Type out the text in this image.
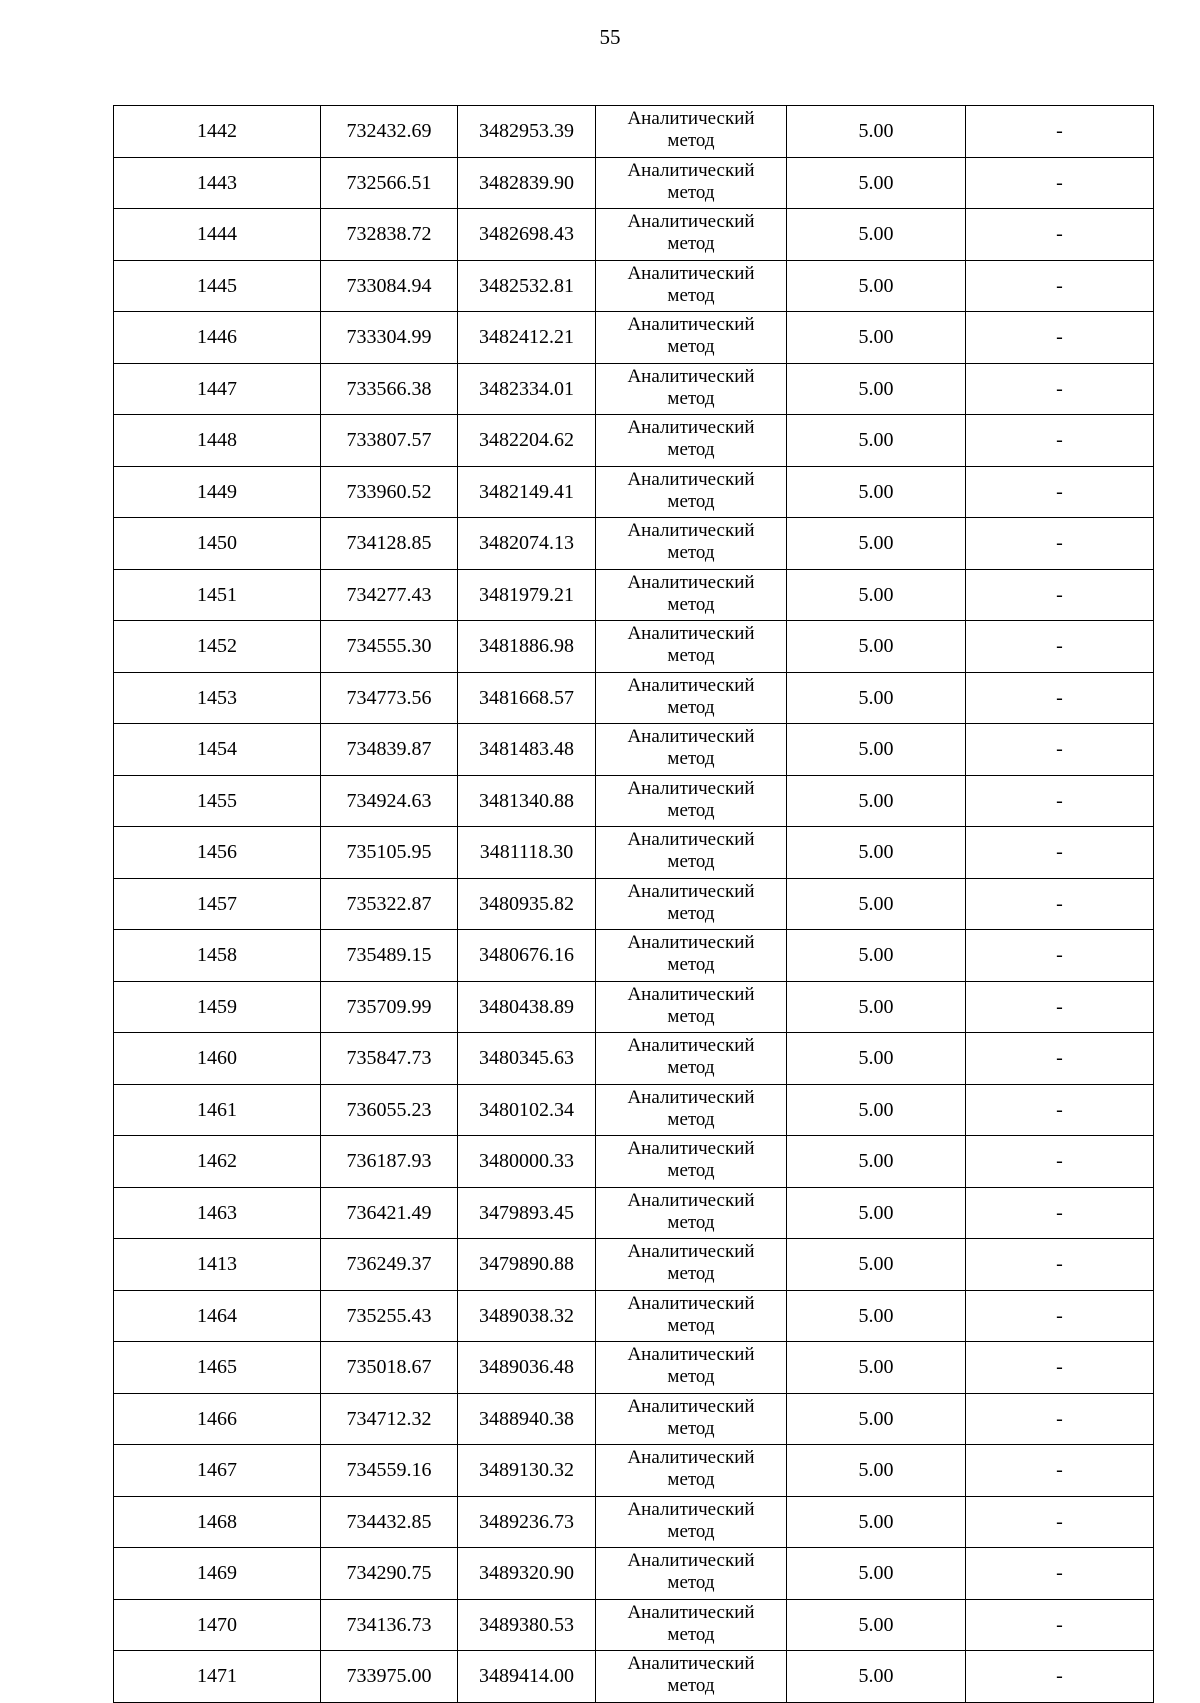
55
1442	732432.69	3482953.39	Аналитический
метод	5.00	-
1443	732566.51	3482839.90	Аналитический
метод	5.00	-
1444	732838.72	3482698.43	Аналитический
метод	5.00	-
1445	733084.94	3482532.81	Аналитический
метод	5.00	-
1446	733304.99	3482412.21	Аналитический
метод	5.00	-
1447	733566.38	3482334.01	Аналитический
метод	5.00	-
1448	733807.57	3482204.62	Аналитический
метод	5.00	-
1449	733960.52	3482149.41	Аналитический
метод	5.00	-
1450	734128.85	3482074.13	Аналитический
метод	5.00	-
1451	734277.43	3481979.21	Аналитический
метод	5.00	-
1452	734555.30	3481886.98	Аналитический
метод	5.00	-
1453	734773.56	3481668.57	Аналитический
метод	5.00	-
1454	734839.87	3481483.48	Аналитический
метод	5.00	-
1455	734924.63	3481340.88	Аналитический
метод	5.00	-
1456	735105.95	3481118.30	Аналитический
метод	5.00	-
1457	735322.87	3480935.82	Аналитический
метод	5.00	-
1458	735489.15	3480676.16	Аналитический
метод	5.00	-
1459	735709.99	3480438.89	Аналитический
метод	5.00	-
1460	735847.73	3480345.63	Аналитический
метод	5.00	-
1461	736055.23	3480102.34	Аналитический
метод	5.00	-
1462	736187.93	3480000.33	Аналитический
метод	5.00	-
1463	736421.49	3479893.45	Аналитический
метод	5.00	-
1413	736249.37	3479890.88	Аналитический
метод	5.00	-
1464	735255.43	3489038.32	Аналитический
метод	5.00	-
1465	735018.67	3489036.48	Аналитический
метод	5.00	-
1466	734712.32	3488940.38	Аналитический
метод	5.00	-
1467	734559.16	3489130.32	Аналитический
метод	5.00	-
1468	734432.85	3489236.73	Аналитический
метод	5.00	-
1469	734290.75	3489320.90	Аналитический
метод	5.00	-
1470	734136.73	3489380.53	Аналитический
метод	5.00	-
1471	733975.00	3489414.00	Аналитический
метод	5.00	-
